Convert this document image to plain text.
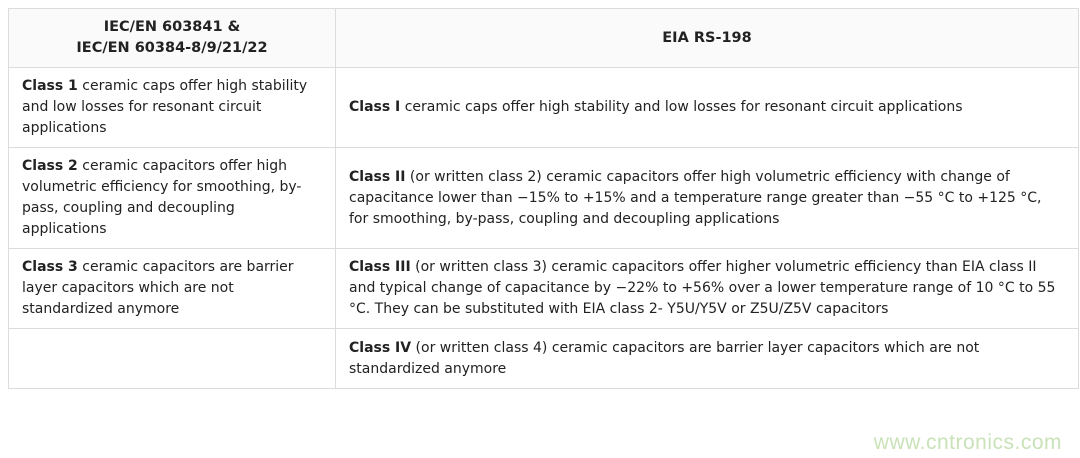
IEC/EN 603841 &
IEC/EN 60384-8/9/21/22	EIA RS-198

Class 1 ceramic caps offer high stability and low losses for resonant circuit applications	Class I ceramic caps offer high stability and low losses for resonant circuit applications
Class 2 ceramic capacitors offer high volumetric efficiency for smoothing, by-pass, coupling and decoupling applications	Class II (or written class 2) ceramic capacitors offer high volumetric efficiency with change of capacitance lower than −15% to +15% and a temperature range greater than −55 °C to +125 °C, for smoothing, by-pass, coupling and decoupling applications
Class 3 ceramic capacitors are barrier layer capacitors which are not standardized anymore	Class III (or written class 3) ceramic capacitors offer higher volumetric efficiency than EIA class II and typical change of capacitance by −22% to +56% over a lower temperature range of 10 °C to 55 °C. They can be substituted with EIA class 2- Y5U/Y5V or Z5U/Z5V capacitors
	Class IV (or written class 4) ceramic capacitors are barrier layer capacitors which are not standardized anymore
www.cntronics.com
